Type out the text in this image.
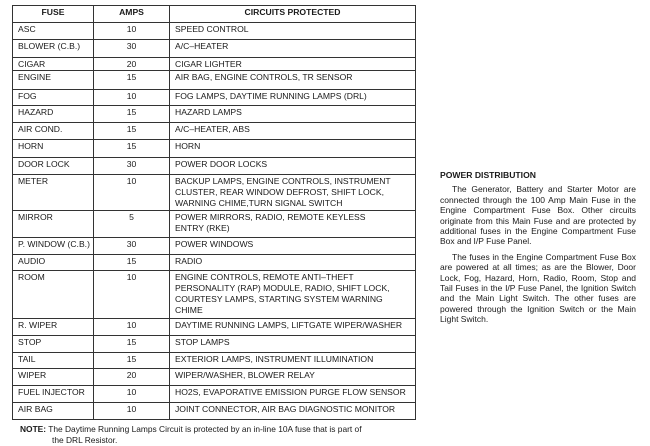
FUSE	AMPS	CIRCUITS PROTECTED
ASC	10	SPEED CONTROL

BLOWER (C.B.)	30	A/C–HEATER

CIGAR	20	CIGAR LIGHTER

ENGINE	15	AIR BAG, ENGINE CONTROLS, TR SENSOR

FOG	10	FOG LAMPS, DAYTIME RUNNING LAMPS (DRL)

HAZARD	15	HAZARD LAMPS

AIR COND.	15	A/C–HEATER, ABS

HORN	15	HORN

DOOR LOCK	30	POWER DOOR LOCKS

METER	10	BACKUP LAMPS, ENGINE CONTROLS, INSTRUMENT
CLUSTER, REAR WINDOW DEFROST, SHIFT LOCK,
WARNING CHIME,TURN SIGNAL SWITCH

MIRROR	5	POWER MIRRORS, RADIO, REMOTE KEYLESS
ENTRY (RKE)

P. WINDOW (C.B.)	30	POWER WINDOWS

AUDIO	15	RADIO

ROOM	10	ENGINE CONTROLS, REMOTE ANTI–THEFT
PERSONALITY (RAP) MODULE, RADIO, SHIFT LOCK,
COURTESY LAMPS, STARTING SYSTEM WARNING
CHIME

R. WIPER	10	DAYTIME RUNNING LAMPS, LIFTGATE WIPER/WASHER

STOP	15	STOP LAMPS

TAIL	15	EXTERIOR LAMPS, INSTRUMENT ILLUMINATION

WIPER	20	WIPER/WASHER, BLOWER RELAY

FUEL INJECTOR	10	HO2S, EVAPORATIVE EMISSION PURGE FLOW SENSOR

AIR BAG	10	JOINT CONNECTOR, AIR BAG DIAGNOSTIC MONITOR
NOTE: The Daytime Running Lamps Circuit is protected by an in-line 10A fuse that is part of
the DRL Resistor.
POWER DISTRIBUTION

The Generator, Battery and Starter Motor are connected through the 100 Amp Main Fuse in the Engine Compartment Fuse Box. Other circuits originate from this Main Fuse and are protected by additional fuses in the Engine Compartment Fuse Box and I/P Fuse Panel.

The fuses in the Engine Compartment Fuse Box are powered at all times; as are the Blower, Door Lock, Fog, Hazard, Horn, Radio, Room, Stop and Tail Fuses in the I/P Fuse Panel, the Ignition Switch and the Main Light Switch. The other fuses are powered through the Ignition Switch or the Main Light Switch.
